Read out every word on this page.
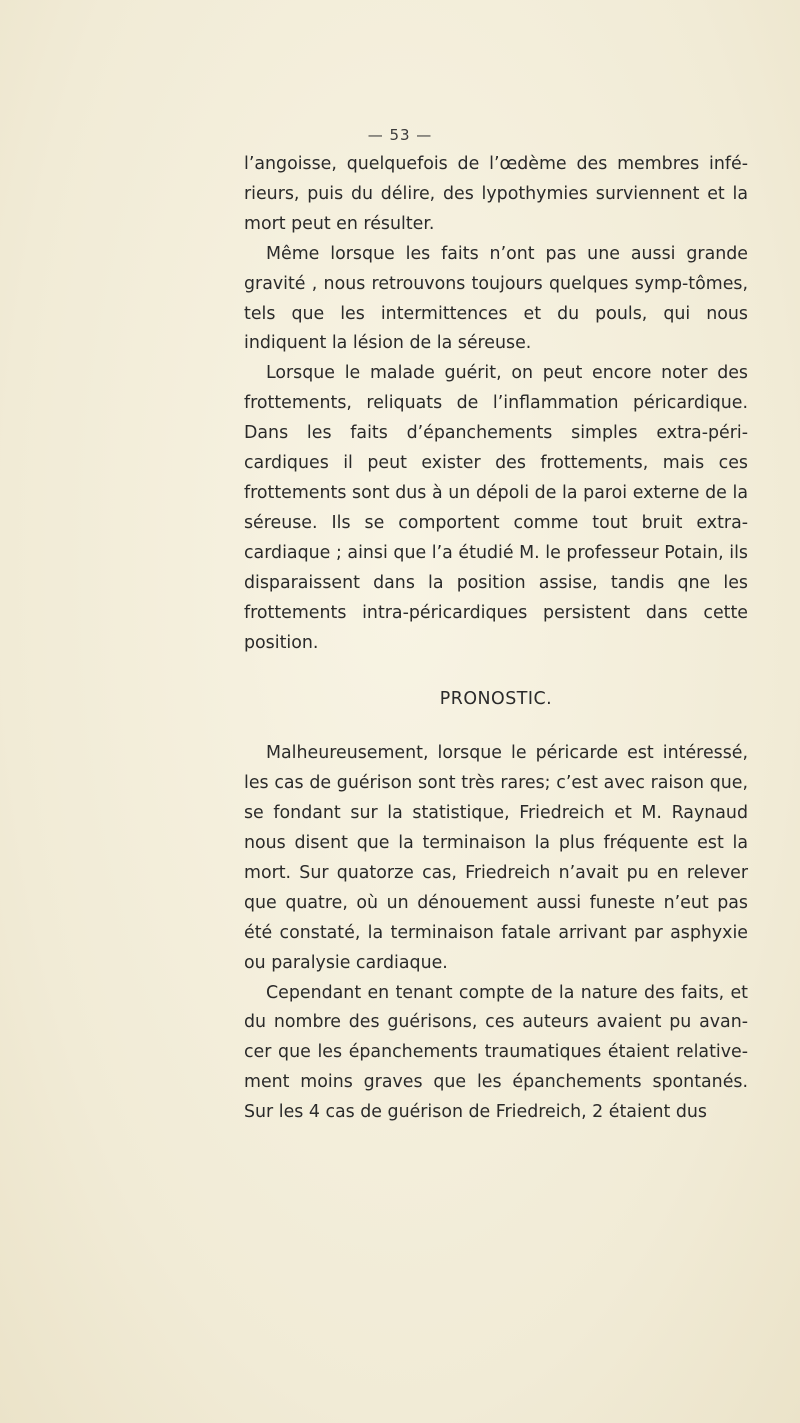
— 53 —

l’angoisse, quelquefois de l’œdème des membres infé-rieurs, puis du délire, des lypothymies surviennent et la mort peut en résulter.

Même lorsque les faits n’ont pas une aussi grande gravité , nous retrouvons toujours quelques symp-tômes, tels que les intermittences et du pouls, qui nous indiquent la lésion de la séreuse.

Lorsque le malade guérit, on peut encore noter des frottements, reliquats de l’inflammation péricardique. Dans les faits d’épanchements simples extra-péri-cardiques il peut exister des frottements, mais ces frottements sont dus à un dépoli de la paroi externe de la séreuse. Ils se comportent comme tout bruit extra-cardiaque ; ainsi que l’a étudié M. le professeur Potain, ils disparaissent dans la position assise, tandis qne les frottements intra-péricardiques persistent dans cette position.

PRONOSTIC.

Malheureusement, lorsque le péricarde est intéressé, les cas de guérison sont très rares; c’est avec raison que, se fondant sur la statistique, Friedreich et M. Raynaud nous disent que la terminaison la plus fréquente est la mort. Sur quatorze cas, Friedreich n’avait pu en relever que quatre, où un dénouement aussi funeste n’eut pas été constaté, la terminaison fatale arrivant par asphyxie ou paralysie cardiaque.

Cependant en tenant compte de la nature des faits, et du nombre des guérisons, ces auteurs avaient pu avan-cer que les épanchements traumatiques étaient relative-ment moins graves que les épanchements spontanés. Sur les 4 cas de guérison de Friedreich, 2 étaient dus
